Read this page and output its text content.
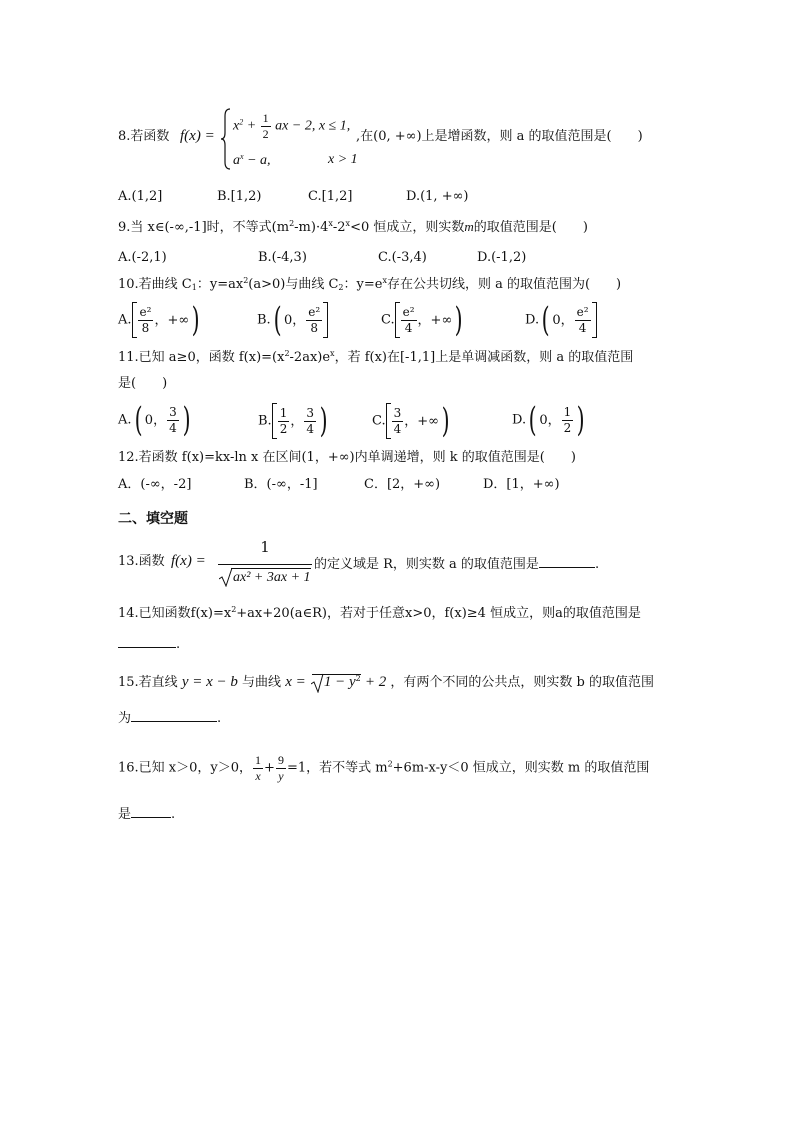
8.若函数 f(x) =
$x^2 + \frac{1}{2}$ ax − 2, x ≤ 1,
$a^x - a$,	x > 1
,在(0, +∞)上是增函数，则 a 的取值范围是(　　)
A.(1,2]	B.[1,2)	C.[1,2]	D.(1, +∞)
9.当 x∈(-∞,-1]时，不等式$(m^2-m)\cdot 4^x-2^x<0$ 恒成立，则实数m的取值范围是(　　)
A.(-2,1)	B.(-4,3)	C.(-3,4)	D.(-1,2)
10.若曲线 $C_1$：$y=ax^2(a>0)$与曲线 $C_2$：$y=e^x$存在公共切线，则 a 的取值范围为(　　)
A. $\frac{\text{e²}}{8}$ ，+∞ )	B. ( 0， $\frac{\text{e²}}{8}$	C. $\frac{\text{e²}}{4}$ ，+∞ )	D. ( 0， $\frac{\text{e²}}{4}$
11.已知 a≥0，函数 $f(x)=(x^2-2ax)e^x$，若 f(x)在[-1,1]上是单调减函数，则 a 的取值范围
是(　　)
A. ( 0， $\frac{3}{4}$ )	B. $\frac{1}{2}$ ， $\frac{3}{4}$ )	C. $\frac{3}{4}$ ，+∞ )	D. ( 0， $\frac{1}{2}$ )
12.若函数 f(x)=kx-ln x 在区间(1，+∞)内单调递增，则 k 的取值范围是(　　)
A．(-∞，-2]	B．(-∞，-1]	C．[2，+∞)	D．[1，+∞)
二、填空题
13.函数 f(x) =
1
ax² + 3ax + 1
的定义域是 R，则实数 a 的取值范围是	.
14.已知函数$f(x)=x^2+ax+20(a\in R)$，若对于任意x>0，f(x)≥4 恒成立，则a的取值范围是
.
15.若直线 y = x − b 与曲线 $x = 1 - y^2 + 2$ ，有两个不同的公共点，则实数 b 的取值范围
为	.
16.已知 x＞0，y＞0， $\frac{1}{x} + \frac{9}{y} =1$，若不等式 $m^2+6m-x-y<0$ 恒成立，则实数 m 的取值范围
是	.
